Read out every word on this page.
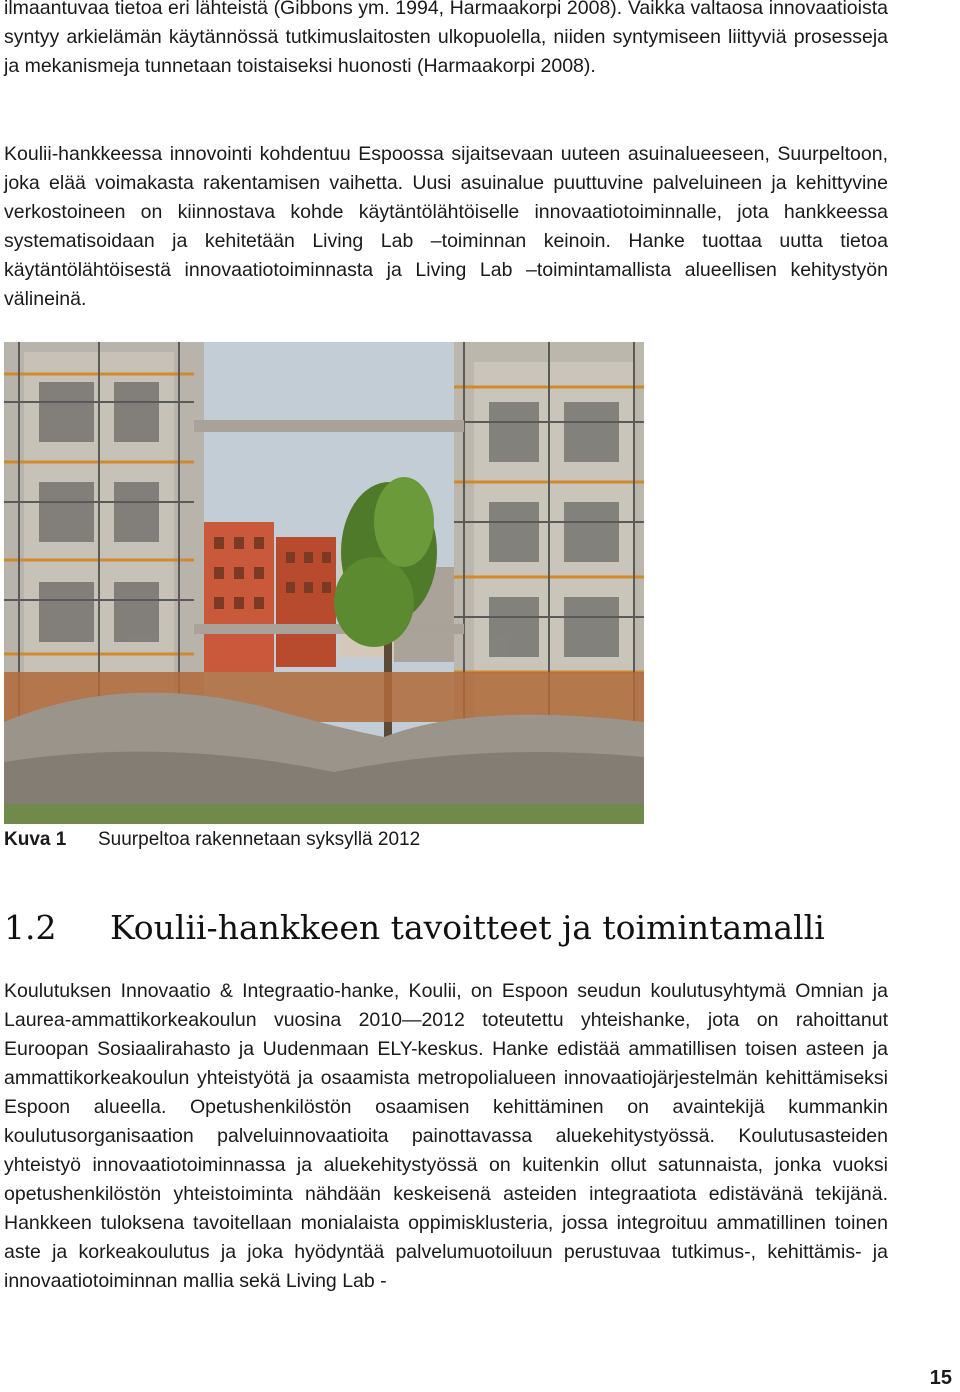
ilmaantuvaa tietoa eri lähteistä (Gibbons ym. 1994, Harmaakorpi 2008). Vaikka valtaosa innovaatioista syntyy arkielämän käytännössä tutkimuslaitosten ulkopuolella, niiden syntymiseen liittyviä prosesseja ja mekanismeja tunnetaan toistaiseksi huonosti (Harmaakorpi 2008).

Koulii-hankkeessa innovointi kohdentuu Espoossa sijaitsevaan uuteen asuinalueeseen, Suurpeltoon, joka elää voimakasta rakentamisen vaihetta. Uusi asuinalue puuttuvine palveluineen ja kehittyvine verkostoineen on kiinnostava kohde käytäntölähtöiselle innovaatiotoiminnalle, jota hankkeessa systematisoidaan ja kehitetään Living Lab –toiminnan keinoin. Hanke tuottaa uutta tietoa käytäntölähtöisestä innovaatiotoiminnasta ja Living Lab –toimintamallista alueellisen kehitystyön välineinä.

Kuva 1 Suurpeltoa rakennetaan syksyllä 2012
1.2 Koulii-hankkeen tavoitteet ja toimintamalli

Koulutuksen Innovaatio & Integraatio-hanke, Koulii, on Espoon seudun koulutusyhtymä Omnian ja Laurea-ammattikorkeakoulun vuosina 2010—2012 toteutettu yhteishanke, jota on rahoittanut Euroopan Sosiaalirahasto ja Uudenmaan ELY-keskus. Hanke edistää ammatillisen toisen asteen ja ammattikorkeakoulun yhteistyötä ja osaamista metropolialueen innovaatiojärjestelmän kehittämiseksi Espoon alueella. Opetushenkilöstön osaamisen kehittäminen on avaintekijä kummankin koulutusorganisaation palveluinnovaatioita painottavassa aluekehitystyössä. Koulutusasteiden yhteistyö innovaatiotoiminnassa ja aluekehitystyössä on kuitenkin ollut satunnaista, jonka vuoksi opetushenkilöstön yhteistoiminta nähdään keskeisenä asteiden integraatiota edistävänä tekijänä. Hankkeen tuloksena tavoitellaan monialaista oppimisklusteria, jossa integroituu ammatillinen toinen aste ja korkeakoulutus ja joka hyödyntää palvelumuotoiluun perustuvaa tutkimus-, kehittämis- ja innovaatiotoiminnan mallia sekä Living Lab -

15
